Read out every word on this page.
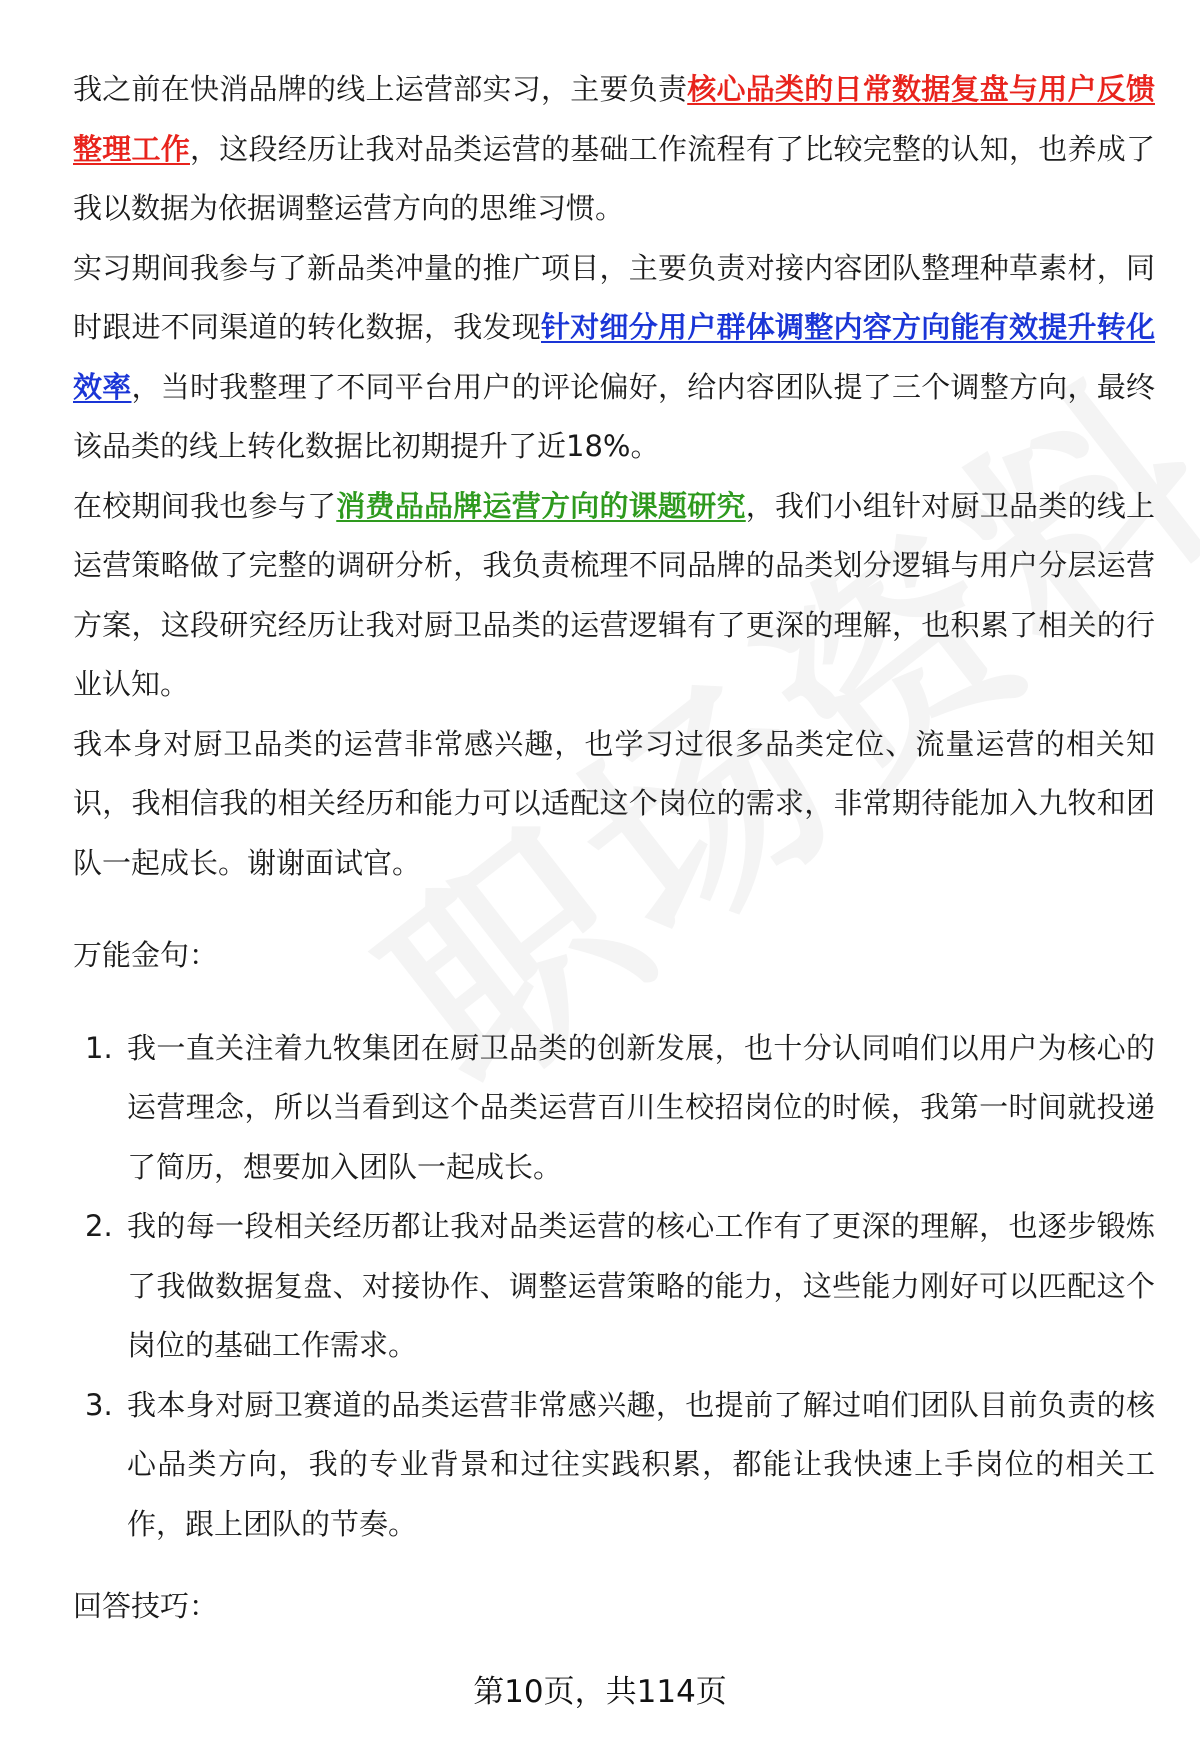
我之前在快消品牌的线上运营部实习，主要负责核心品类的日常数据复盘与用户反馈整理工作，这段经历让我对品类运营的基础工作流程有了比较完整的认知，也养成了我以数据为依据调整运营方向的思维习惯。

实习期间我参与了新品类冲量的推广项目，主要负责对接内容团队整理种草素材，同时跟进不同渠道的转化数据，我发现针对细分用户群体调整内容方向能有效提升转化效率，当时我整理了不同平台用户的评论偏好，给内容团队提了三个调整方向，最终该品类的线上转化数据比初期提升了近18%。

在校期间我也参与了消费品品牌运营方向的课题研究，我们小组针对厨卫品类的线上运营策略做了完整的调研分析，我负责梳理不同品牌的品类划分逻辑与用户分层运营方案，这段研究经历让我对厨卫品类的运营逻辑有了更深的理解，也积累了相关的行业认知。

我本身对厨卫品类的运营非常感兴趣，也学习过很多品类定位、流量运营的相关知识，我相信我的相关经历和能力可以适配这个岗位的需求，非常期待能加入九牧和团队一起成长。谢谢面试官。

万能金句：

1. 我一直关注着九牧集团在厨卫品类的创新发展，也十分认同咱们以用户为核心的运营理念，所以当看到这个品类运营百川生校招岗位的时候，我第一时间就投递了简历，想要加入团队一起成长。
2. 我的每一段相关经历都让我对品类运营的核心工作有了更深的理解，也逐步锻炼了我做数据复盘、对接协作、调整运营策略的能力，这些能力刚好可以匹配这个岗位的基础工作需求。
3. 我本身对厨卫赛道的品类运营非常感兴趣，也提前了解过咱们团队目前负责的核心品类方向，我的专业背景和过往实践积累，都能让我快速上手岗位的相关工作，跟上团队的节奏。

回答技巧：

第10页，共114页
